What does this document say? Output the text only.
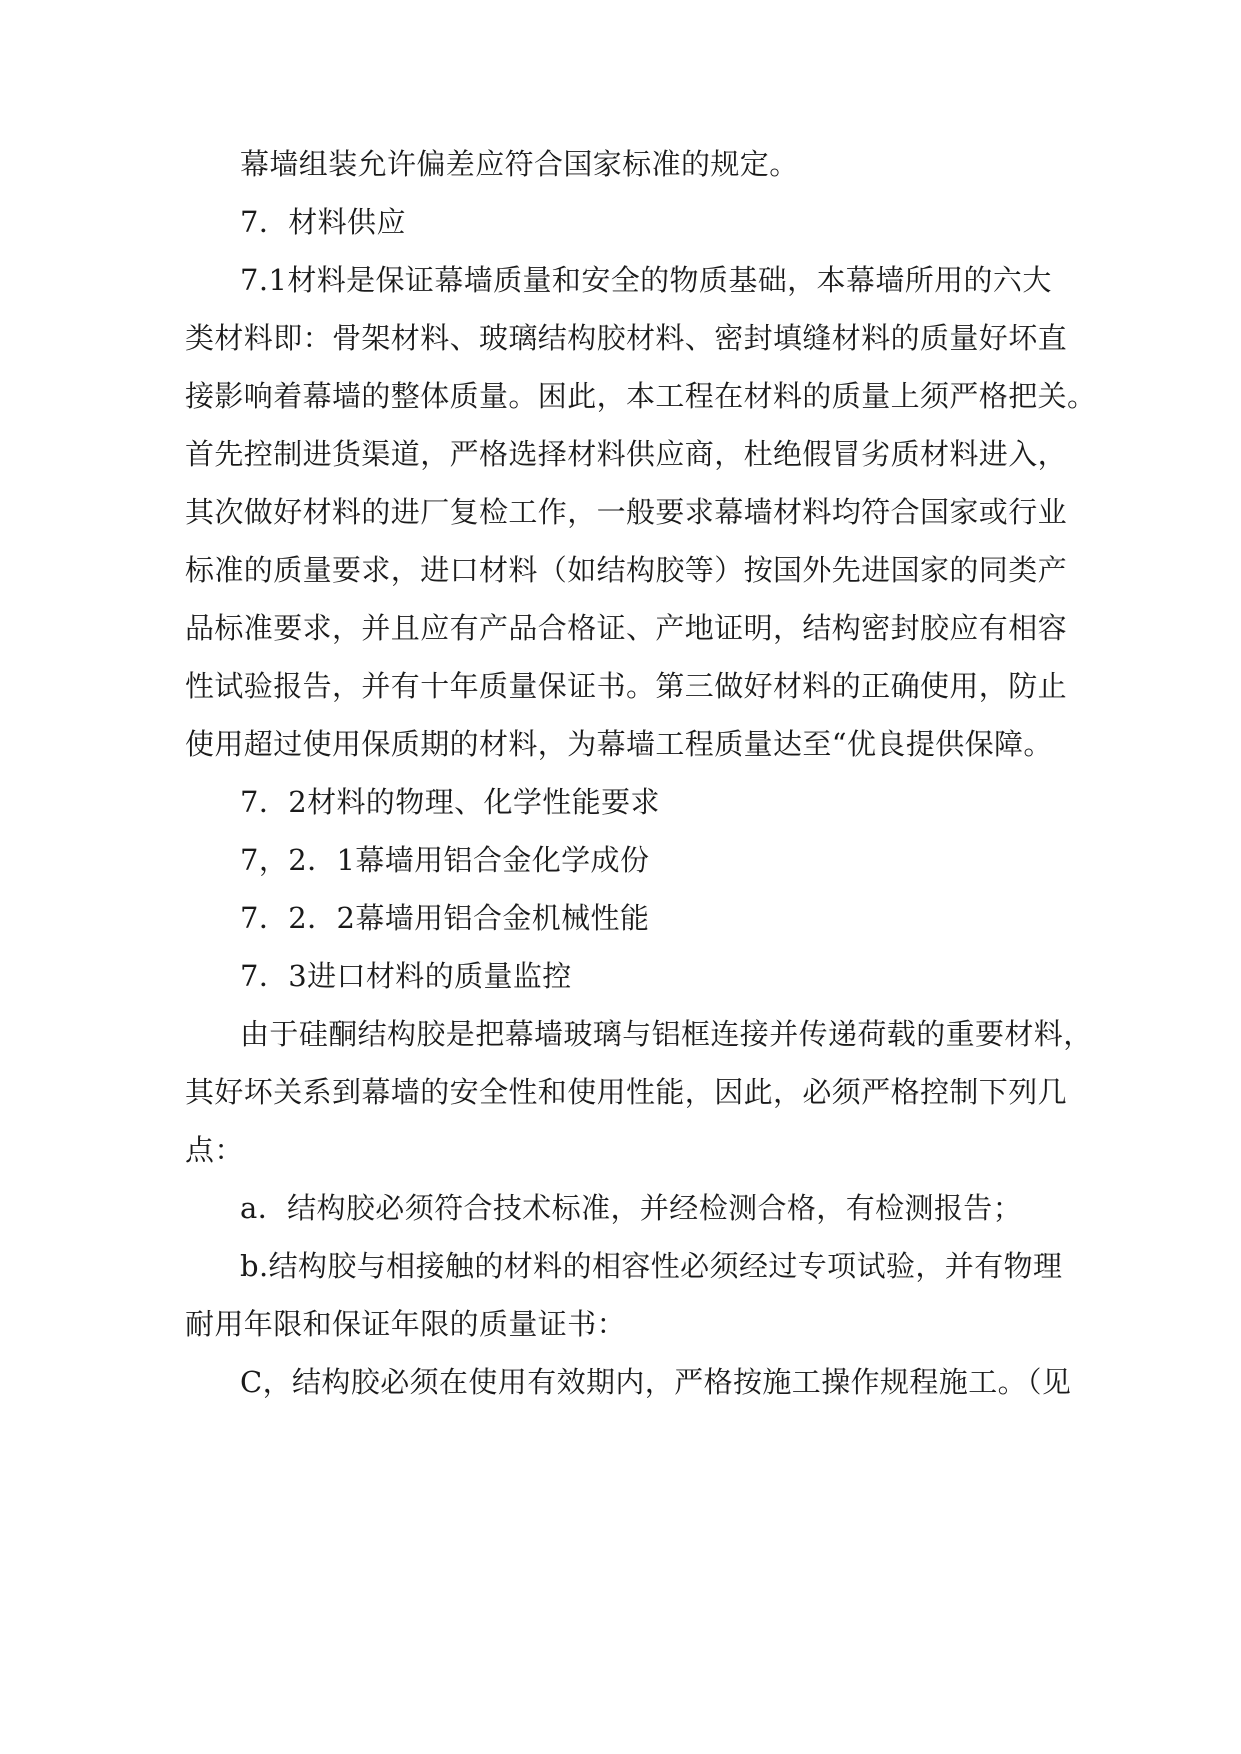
幕墙组装允许偏差应符合国家标准的规定。
7．材料供应
7.1材料是保证幕墙质量和安全的物质基础，本幕墙所用的六大
类材料即：骨架材料、玻璃结构胶材料、密封填缝材料的质量好坏直
接影响着幕墙的整体质量。困此，本工程在材料的质量上须严格把关。
首先控制进货渠道，严格选择材料供应商，杜绝假冒劣质材料进入，
其次做好材料的进厂复检工作，一般要求幕墙材料均符合国家或行业
标准的质量要求，进口材料（如结构胶等）按国外先进国家的同类产
品标准要求，并且应有产品合格证、产地证明，结构密封胶应有相容
性试验报告，并有十年质量保证书。第三做好材料的正确使用，防止
使用超过使用保质期的材料，为幕墙工程质量达至“优良提供保障。
7．2材料的物理、化学性能要求
7，2．1幕墙用铝合金化学成份
7．2．2幕墙用铝合金机械性能
7．3进口材料的质量监控
由于硅酮结构胶是把幕墙玻璃与铝框连接并传递荷载的重要材料，
其好坏关系到幕墙的安全性和使用性能，因此，必须严格控制下列几
点：
a．结构胶必须符合技术标准，并经检测合格，有检测报告；
b.结构胶与相接触的材料的相容性必须经过专项试验，并有物理
耐用年限和保证年限的质量证书：
C，结构胶必须在使用有效期内，严格按施工操作规程施工。（见
